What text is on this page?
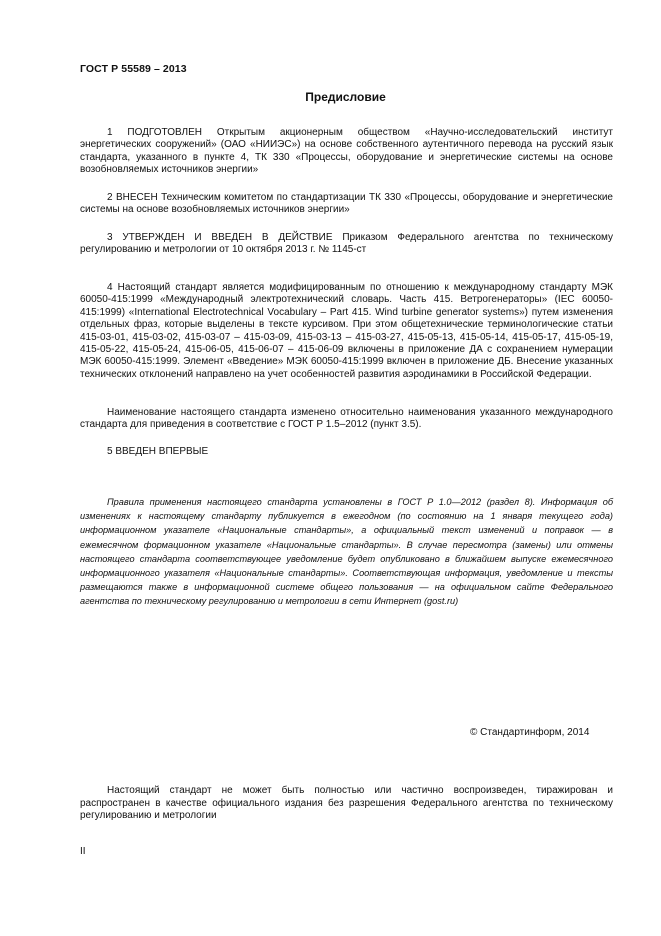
ГОСТ Р 55589 – 2013
Предисловие

1 ПОДГОТОВЛЕН Открытым акционерным обществом «Научно-исследовательский институт энергетических сооружений» (ОАО «НИИЭС») на основе собственного аутентичного перевода на русский язык стандарта, указанного в пункте 4, ТК 330 «Процессы, оборудование и энергетические системы на основе возобновляемых источников энергии»

2 ВНЕСЕН Техническим комитетом по стандартизации ТК 330 «Процессы, оборудование и энергетические системы на основе возобновляемых источников энергии»

3 УТВЕРЖДЕН И ВВЕДЕН В ДЕЙСТВИЕ Приказом Федерального агентства по техническому регулированию и метрологии от 10 октября 2013 г. № 1145-ст

4 Настоящий стандарт является модифицированным по отношению к международному стандарту МЭК 60050-415:1999 «Международный электротехнический словарь. Часть 415. Ветрогенераторы» (IEC 60050-415:1999) «International Electrotechnical Vocabulary – Part 415. Wind turbine generator systems») путем изменения отдельных фраз, которые выделены в тексте курсивом. При этом общетехнические терминологические статьи 415-03-01, 415-03-02, 415-03-07 – 415-03-09, 415-03-13 – 415-03-27, 415-05-13, 415-05-14, 415-05-17, 415-05-19, 415-05-22, 415-05-24, 415-06-05, 415-06-07 – 415-06-09 включены в приложение ДА с сохранением нумерации МЭК 60050-415:1999. Элемент «Введение» МЭК 60050-415:1999 включен в приложение ДБ. Внесение указанных технических отклонений направлено на учет особенностей развития аэродинамики в Российской Федерации.

Наименование настоящего стандарта изменено относительно наименования указанного международного стандарта для приведения в соответствие с ГОСТ Р 1.5–2012 (пункт 3.5).

5 ВВЕДЕН ВПЕРВЫЕ

Правила применения настоящего стандарта установлены в ГОСТ Р 1.0—2012 (раздел 8). Информация об изменениях к настоящему стандарту публикуется в ежегодном (по состоянию на 1 января текущего года) информационном указателе «Национальные стандарты», а официальный текст изменений и поправок — в ежемесячном формационном указателе «Национальные стандарты». В случае пересмотра (замены) или отмены настоящего стандарта соответствующее уведомление будет опубликовано в ближайшем выпуске ежемесячного информационного указателя «Национальные стандарты». Соответствующая информация, уведомление и тексты размещаются также в информационной системе общего пользования — на официальном сайте Федерального агентства по техническому регулированию и метрологии в сети Интернет (gost.ru)

© Стандартинформ, 2014

Настоящий стандарт не может быть полностью или частично воспроизведен, тиражирован и распространен в качестве официального издания без разрешения Федерального агентства по техническому регулированию и метрологии

II
